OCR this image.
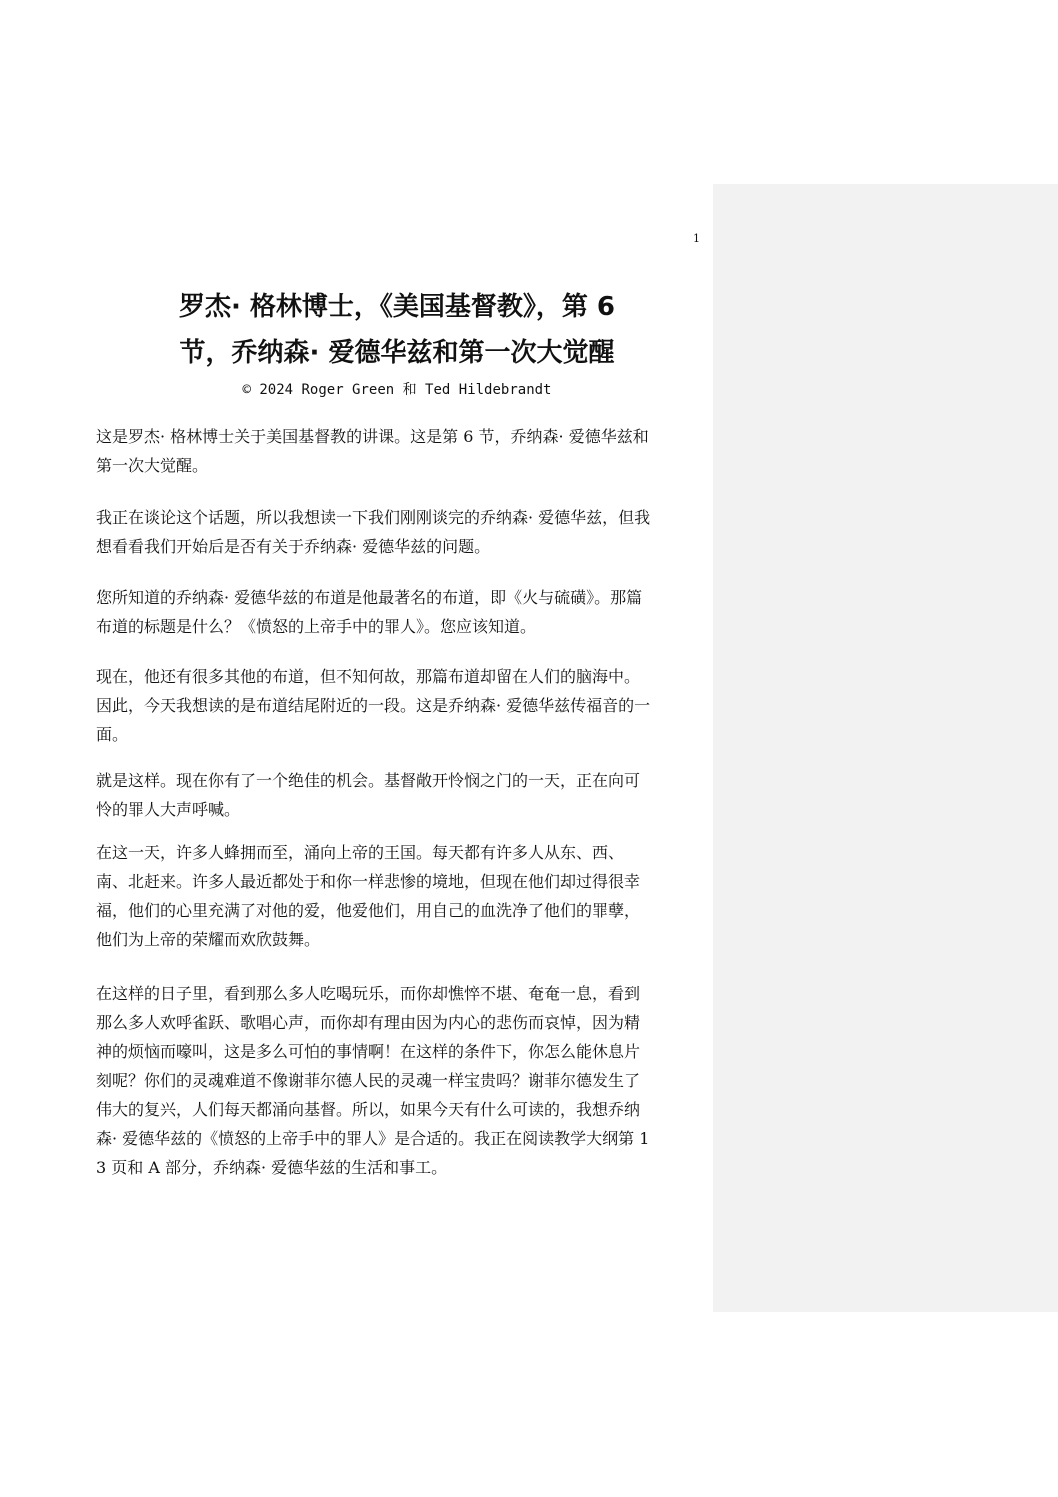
1
罗杰· 格林博士，《美国基督教》，第 6
节，乔纳森· 爱德华兹和第一次大觉醒
© 2024 Roger Green 和 Ted Hildebrandt

这是罗杰· 格林博士关于美国基督教的讲课。这是第 6 节，乔纳森· 爱德华兹和
第一次大觉醒。

我正在谈论这个话题，所以我想读一下我们刚刚谈完的乔纳森· 爱德华兹，但我
想看看我们开始后是否有关于乔纳森· 爱德华兹的问题。

您所知道的乔纳森· 爱德华兹的布道是他最著名的布道，即《火与硫磺》。那篇
布道的标题是什么？《愤怒的上帝手中的罪人》。您应该知道。

现在，他还有很多其他的布道，但不知何故，那篇布道却留在人们的脑海中。
因此，今天我想读的是布道结尾附近的一段。这是乔纳森· 爱德华兹传福音的一
面。

就是这样。现在你有了一个绝佳的机会。基督敞开怜悯之门的一天，正在向可
怜的罪人大声呼喊。

在这一天，许多人蜂拥而至，涌向上帝的王国。每天都有许多人从东、西、
南、北赶来。许多人最近都处于和你一样悲惨的境地，但现在他们却过得很幸
福，他们的心里充满了对他的爱，他爱他们，用自己的血洗净了他们的罪孽，
他们为上帝的荣耀而欢欣鼓舞。

在这样的日子里，看到那么多人吃喝玩乐，而你却憔悴不堪、奄奄一息，看到
那么多人欢呼雀跃、歌唱心声，而你却有理由因为内心的悲伤而哀悼，因为精
神的烦恼而嚎叫，这是多么可怕的事情啊！在这样的条件下，你怎么能休息片
刻呢？你们的灵魂难道不像谢菲尔德人民的灵魂一样宝贵吗？谢菲尔德发生了
伟大的复兴，人们每天都涌向基督。所以，如果今天有什么可读的，我想乔纳
森· 爱德华兹的《愤怒的上帝手中的罪人》是合适的。我正在阅读教学大纲第 1
3 页和 A 部分，乔纳森· 爱德华兹的生活和事工。
